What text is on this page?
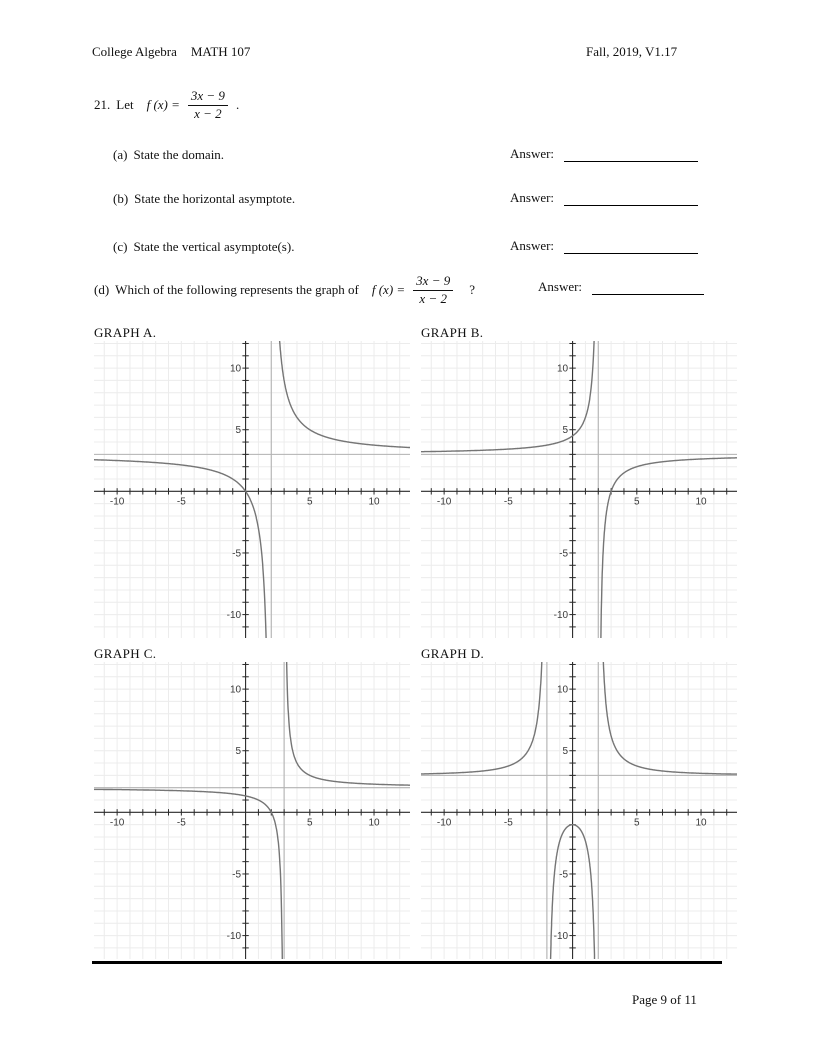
College Algebra MATH 107	Fall, 2019, V1.17
21. Let f $(x) = \frac{3x - 9}{x - 2}$ .
(a) State the domain.	Answer:
(b) State the horizontal asymptote.	Answer:
(c) State the vertical asymptote(s).	Answer:
(d) Which of the following represents the graph of f $(x) = \frac{3x - 9}{x - 2}$ ?	Answer:
GRAPH A.
-10	-5	5	10
10
5
-5
-10
GRAPH B.
-10	-5	5	10
10
5
-5
-10
GRAPH C.
-10	-5	5	10
10
5
-5
-10
GRAPH D.
-10	-5	5	10
10
5
-5
-10
Page 9 of 11
